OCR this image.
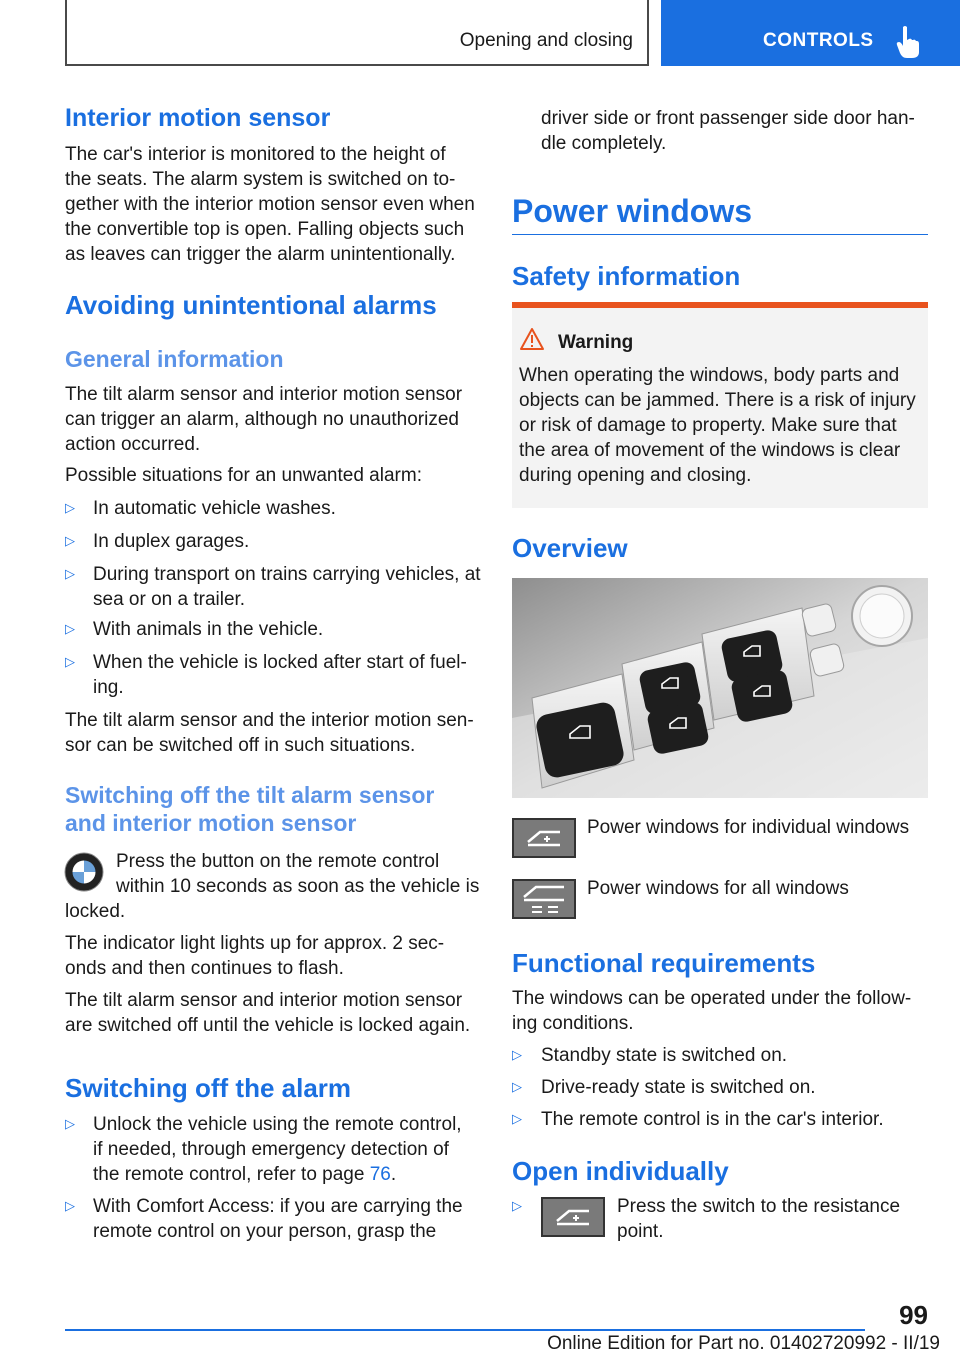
Opening and closing	CONTROLS
Interior motion sensor
The car's interior is monitored to the height of
the seats. The alarm system is switched on to-
gether with the interior motion sensor even when
the convertible top is open. Falling objects such
as leaves can trigger the alarm unintentionally.
Avoiding unintentional alarms
General information
The tilt alarm sensor and interior motion sensor
can trigger an alarm, although no unauthorized
action occurred.
Possible situations for an unwanted alarm:
▷ In automatic vehicle washes.
▷ In duplex garages.
▷ During transport on trains carrying vehicles, at
sea or on a trailer.
▷ With animals in the vehicle.
▷ When the vehicle is locked after start of fuel-
ing.
The tilt alarm sensor and the interior motion sen-
sor can be switched off in such situations.
Switching off the tilt alarm sensor
and interior motion sensor
Press the button on the remote control
within 10 seconds as soon as the vehicle is
locked.
The indicator light lights up for approx. 2 sec-
onds and then continues to flash.
The tilt alarm sensor and interior motion sensor
are switched off until the vehicle is locked again.
Switching off the alarm
▷ Unlock the vehicle using the remote control,
if needed, through emergency detection of
the remote control, refer to page 76.
▷ With Comfort Access: if you are carrying the
remote control on your person, grasp the
driver side or front passenger side door han-
dle completely.
Power windows
Safety information
Warning
When operating the windows, body parts and
objects can be jammed. There is a risk of injury
or risk of damage to property. Make sure that
the area of movement of the windows is clear
during opening and closing.
Overview
Power windows for individual windows
Power windows for all windows
Functional requirements
The windows can be operated under the follow-
ing conditions.
▷ Standby state is switched on.
▷ Drive-ready state is switched on.
▷ The remote control is in the car's interior.
Open individually
▷	Press the switch to the resistance
point.
99
Online Edition for Part no. 01402720992 - II/19
